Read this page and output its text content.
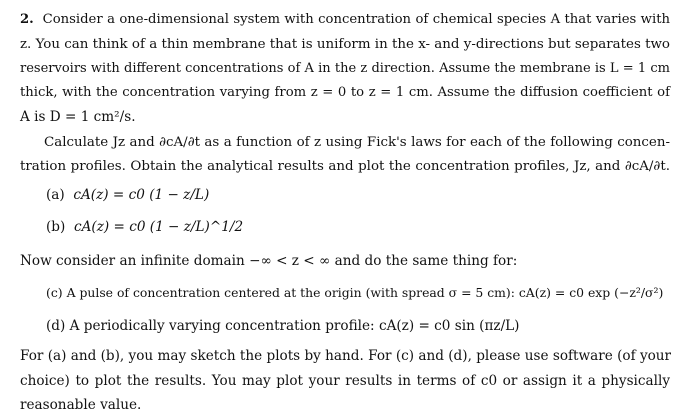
2. Consider a one-dimensional system with concentration of chemical species A that varies with
z. You can think of a thin membrane that is uniform in the x- and y-directions but separates two
reservoirs with different concentrations of A in the z direction. Assume the membrane is L = 1 cm
thick, with the concentration varying from z = 0 to z = 1 cm. Assume the diffusion coefficient of
A is D = 1 cm²/s.
Calculate Jz and ∂cA/∂t as a function of z using Fick's laws for each of the following concen-
tration profiles. Obtain the analytical results and plot the concentration profiles, Jz, and ∂cA/∂t.
(a) cA(z) = c0 (1 − z/L)
(b) cA(z) = c0 (1 − z/L)^1/2
Now consider an infinite domain −∞ < z < ∞ and do the same thing for:
(c) A pulse of concentration centered at the origin (with spread σ = 5 cm): cA(z) = c0 exp (−z²/σ²)
(d) A periodically varying concentration profile: cA(z) = c0 sin (πz/L)
For (a) and (b), you may sketch the plots by hand. For (c) and (d), please use software (of your
choice) to plot the results. You may plot your results in terms of c0 or assign it a physically
reasonable value.
